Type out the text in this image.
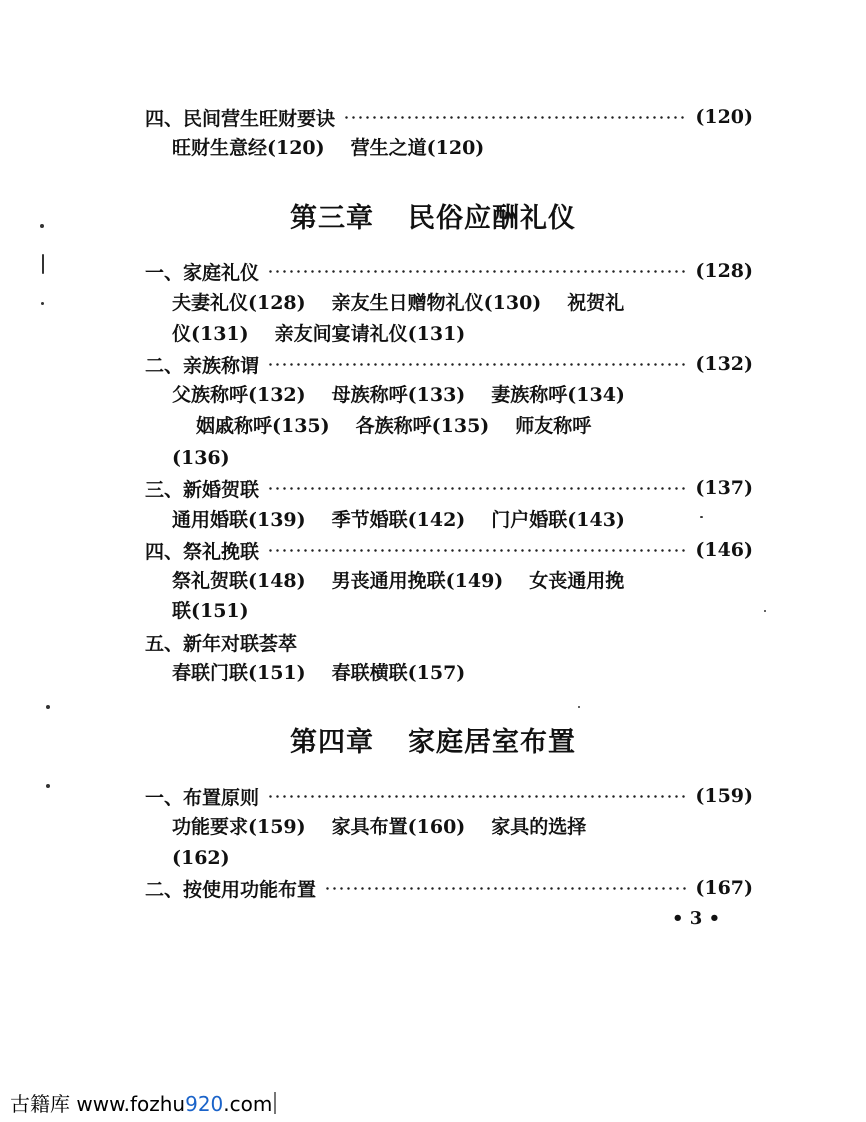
四、民间营生旺财要诀	(120)
旺财生意经(120) 营生之道(120)
第三章 民俗应酬礼仪
一、家庭礼仪	(128)
夫妻礼仪(128) 亲友生日赠物礼仪(130) 祝贺礼
仪(131) 亲友间宴请礼仪(131)
二、亲族称谓	(132)
父族称呼(132) 母族称呼(133) 妻族称呼(134)
姻戚称呼(135) 各族称呼(135) 师友称呼
(136)
三、新婚贺联	(137)
通用婚联(139) 季节婚联(142) 门户婚联(143)
四、祭礼挽联	(146)
祭礼贺联(148) 男丧通用挽联(149) 女丧通用挽
联(151)
五、新年对联荟萃
春联门联(151) 春联横联(157)
第四章 家庭居室布置
一、布置原则	(159)
功能要求(159) 家具布置(160) 家具的选择
(162)
二、按使用功能布置	(167)
• 3 •
古籍库 www.fozhu920.com
